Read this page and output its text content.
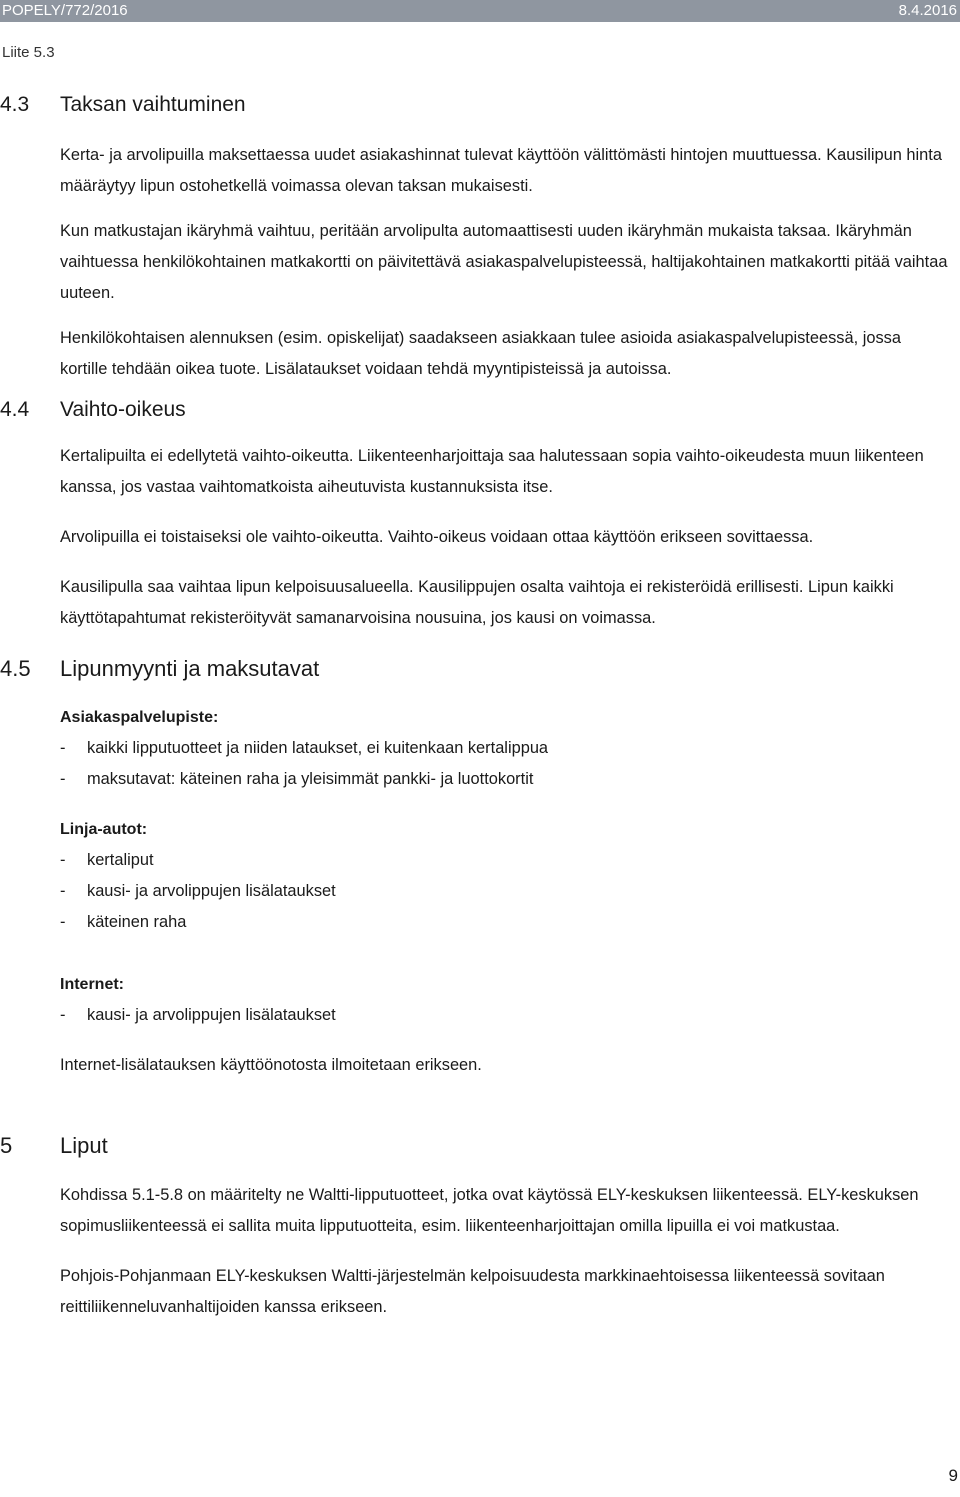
POPELY/772/2016	8.4.2016
Liite 5.3
4.3 Taksan vaihtuminen

Kerta- ja arvolipuilla maksettaessa uudet asiakashinnat tulevat käyttöön välittömästi hintojen muuttuessa. Kausilipun hinta määräytyy lipun ostohetkellä voimassa olevan taksan mukaisesti.

Kun matkustajan ikäryhmä vaihtuu, peritään arvolipulta automaattisesti uuden ikäryhmän mukaista taksaa. Ikäryhmän vaihtuessa henkilökohtainen matkakortti on päivitettävä asiakaspalvelupisteessä, haltijakohtainen matkakortti pitää vaihtaa uuteen.

Henkilökohtaisen alennuksen (esim. opiskelijat) saadakseen asiakkaan tulee asioida asiakaspalvelupisteessä, jossa kortille tehdään oikea tuote. Lisälataukset voidaan tehdä myyntipisteissä ja autoissa.

4.4 Vaihto-oikeus

Kertalipuilta ei edellytetä vaihto-oikeutta. Liikenteenharjoittaja saa halutessaan sopia vaihto-oikeudesta muun liikenteen kanssa, jos vastaa vaihtomatkoista aiheutuvista kustannuksista itse.

Arvolipuilla ei toistaiseksi ole vaihto-oikeutta. Vaihto-oikeus voidaan ottaa käyttöön erikseen sovittaessa.

Kausilipulla saa vaihtaa lipun kelpoisuusalueella. Kausilippujen osalta vaihtoja ei rekisteröidä erillisesti. Lipun kaikki käyttötapahtumat rekisteröityvät samanarvoisina nousuina, jos kausi on voimassa.

4.5 Lipunmyynti ja maksutavat
Asiakaspalvelupiste:
- kaikki lipputuotteet ja niiden lataukset, ei kuitenkaan kertalippua
- maksutavat: käteinen raha ja yleisimmät pankki- ja luottokortit
Linja-autot:
- kertaliput
- kausi- ja arvolippujen lisälataukset
- käteinen raha
Internet:
- kausi- ja arvolippujen lisälataukset

Internet-lisälatauksen käyttöönotosta ilmoitetaan erikseen.

5 Liput

Kohdissa 5.1-5.8 on määritelty ne Waltti-lipputuotteet, jotka ovat käytössä ELY-keskuksen liikenteessä. ELY-keskuksen sopimusliikenteessä ei sallita muita lipputuotteita, esim. liikenteenharjoittajan omilla lipuilla ei voi matkustaa.

Pohjois-Pohjanmaan ELY-keskuksen Waltti-järjestelmän kelpoisuudesta markkinaehtoisessa liikenteessä sovitaan reittiliikenneluvanhaltijoiden kanssa erikseen.

9
